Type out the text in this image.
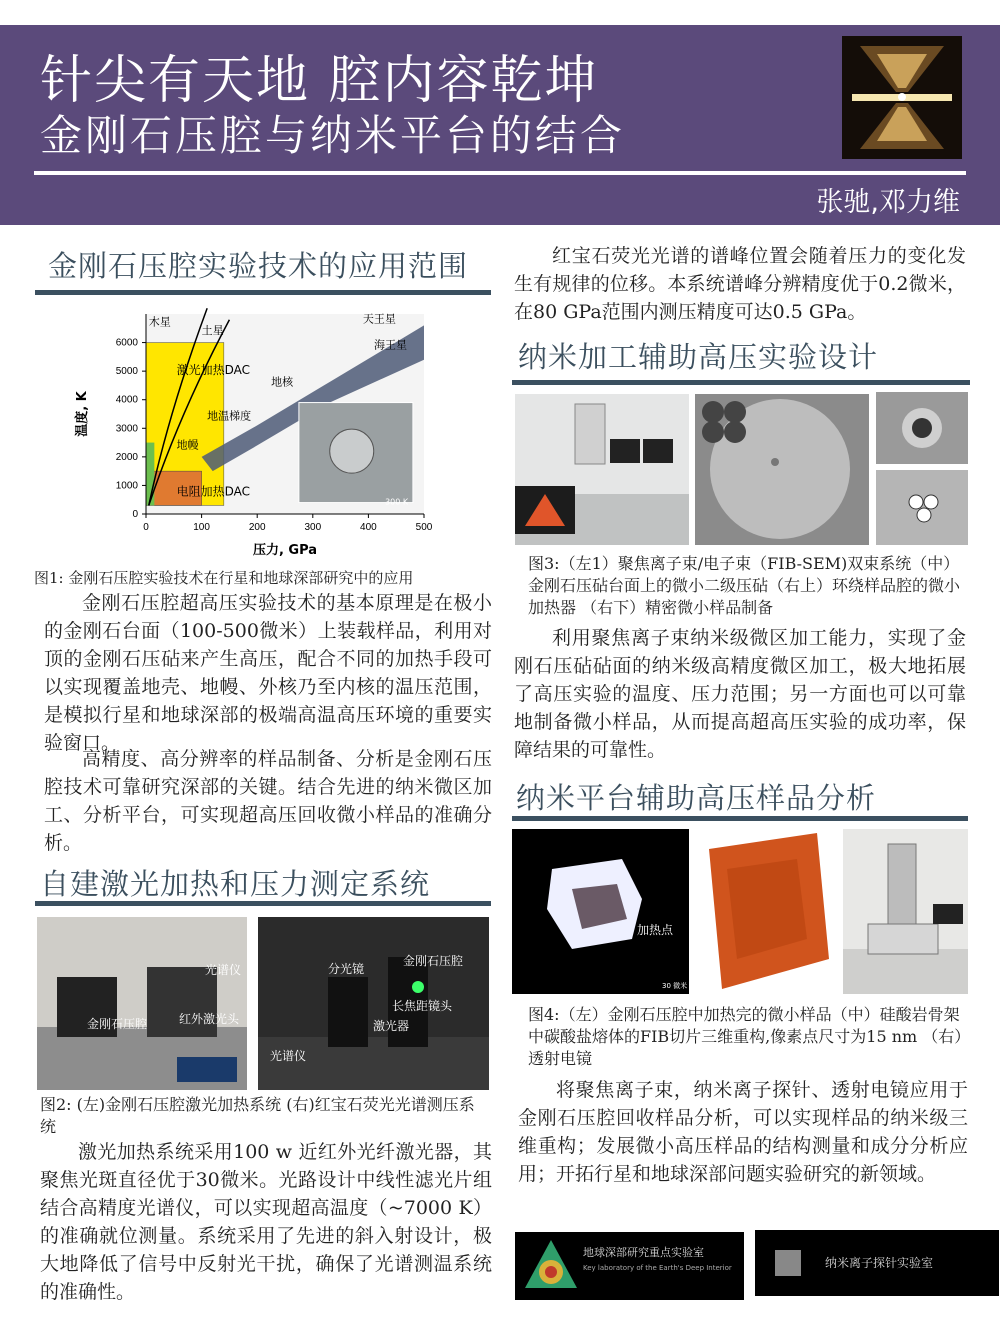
针尖有天地 腔内容乾坤
金刚石压腔与纳米平台的结合
张驰,邓力维
金刚石压腔实验技术的应用范围
0	100	200	300	400	500
0
1000
2000
3000
4000
5000
6000
压力, GPa
温度, K
激光加热DAC
电阻加热DAC
木星
土星
天王星
海王星
地核
地温梯度
地幔
300 K
图1: 金刚石压腔实验技术在行星和地球深部研究中的应用
金刚石压腔超高压实验技术的基本原理是在极小的金刚石台面（100-500微米）上装载样品，利用对顶的金刚石压砧来产生高压，配合不同的加热手段可以实现覆盖地壳、地幔、外核乃至内核的温压范围，是模拟行星和地球深部的极端高温高压环境的重要实验窗口。
高精度、高分辨率的样品制备、分析是金刚石压腔技术可靠研究深部的关键。结合先进的纳米微区加工、分析平台，可实现超高压回收微小样品的准确分析。
自建激光加热和压力测定系统
光谱仪
金刚石压腔	红外激光头
分光镜
金刚石压腔
长焦距镜头
激光器
光谱仪
图2: (左)金刚石压腔激光加热系统 (右)红宝石荧光光谱测压系统
激光加热系统采用100 w 近红外光纤激光器，其聚焦光斑直径优于30微米。光路设计中线性滤光片组结合高精度光谱仪，可以实现超高温度（~7000 K）的准确就位测量。系统采用了先进的斜入射设计，极大地降低了信号中反射光干扰，确保了光谱测温系统的准确性。
红宝石荧光光谱的谱峰位置会随着压力的变化发生有规律的位移。本系统谱峰分辨精度优于0.2微米，在80 GPa范围内测压精度可达0.5 GPa。
纳米加工辅助高压实验设计
图3:（左1）聚焦离子束/电子束（FIB-SEM)双束系统（中）金刚石压砧台面上的微小二级压砧（右上）环绕样品腔的微小加热器 （右下）精密微小样品制备
利用聚焦离子束纳米级微区加工能力，实现了金刚石压砧砧面的纳米级高精度微区加工，极大地拓展了高压实验的温度、压力范围；另一方面也可以可靠地制备微小样品，从而提高超高压实验的成功率，保障结果的可靠性。
纳米平台辅助高压样品分析
加热点
30 微米
图4:（左）金刚石压腔中加热完的微小样品（中）硅酸岩骨架中碳酸盐熔体的FIB切片三维重构,像素点尺寸为15 nm （右）透射电镜
将聚焦离子束，纳米离子探针、透射电镜应用于金刚石压腔回收样品分析，可以实现样品的纳米级三维重构；发展微小高压样品的结构测量和成分分析应用；开拓行星和地球深部问题实验研究的新领域。
地球深部研究重点实验室
Key laboratory of the Earth's Deep Interior	纳米离子探针实验室
